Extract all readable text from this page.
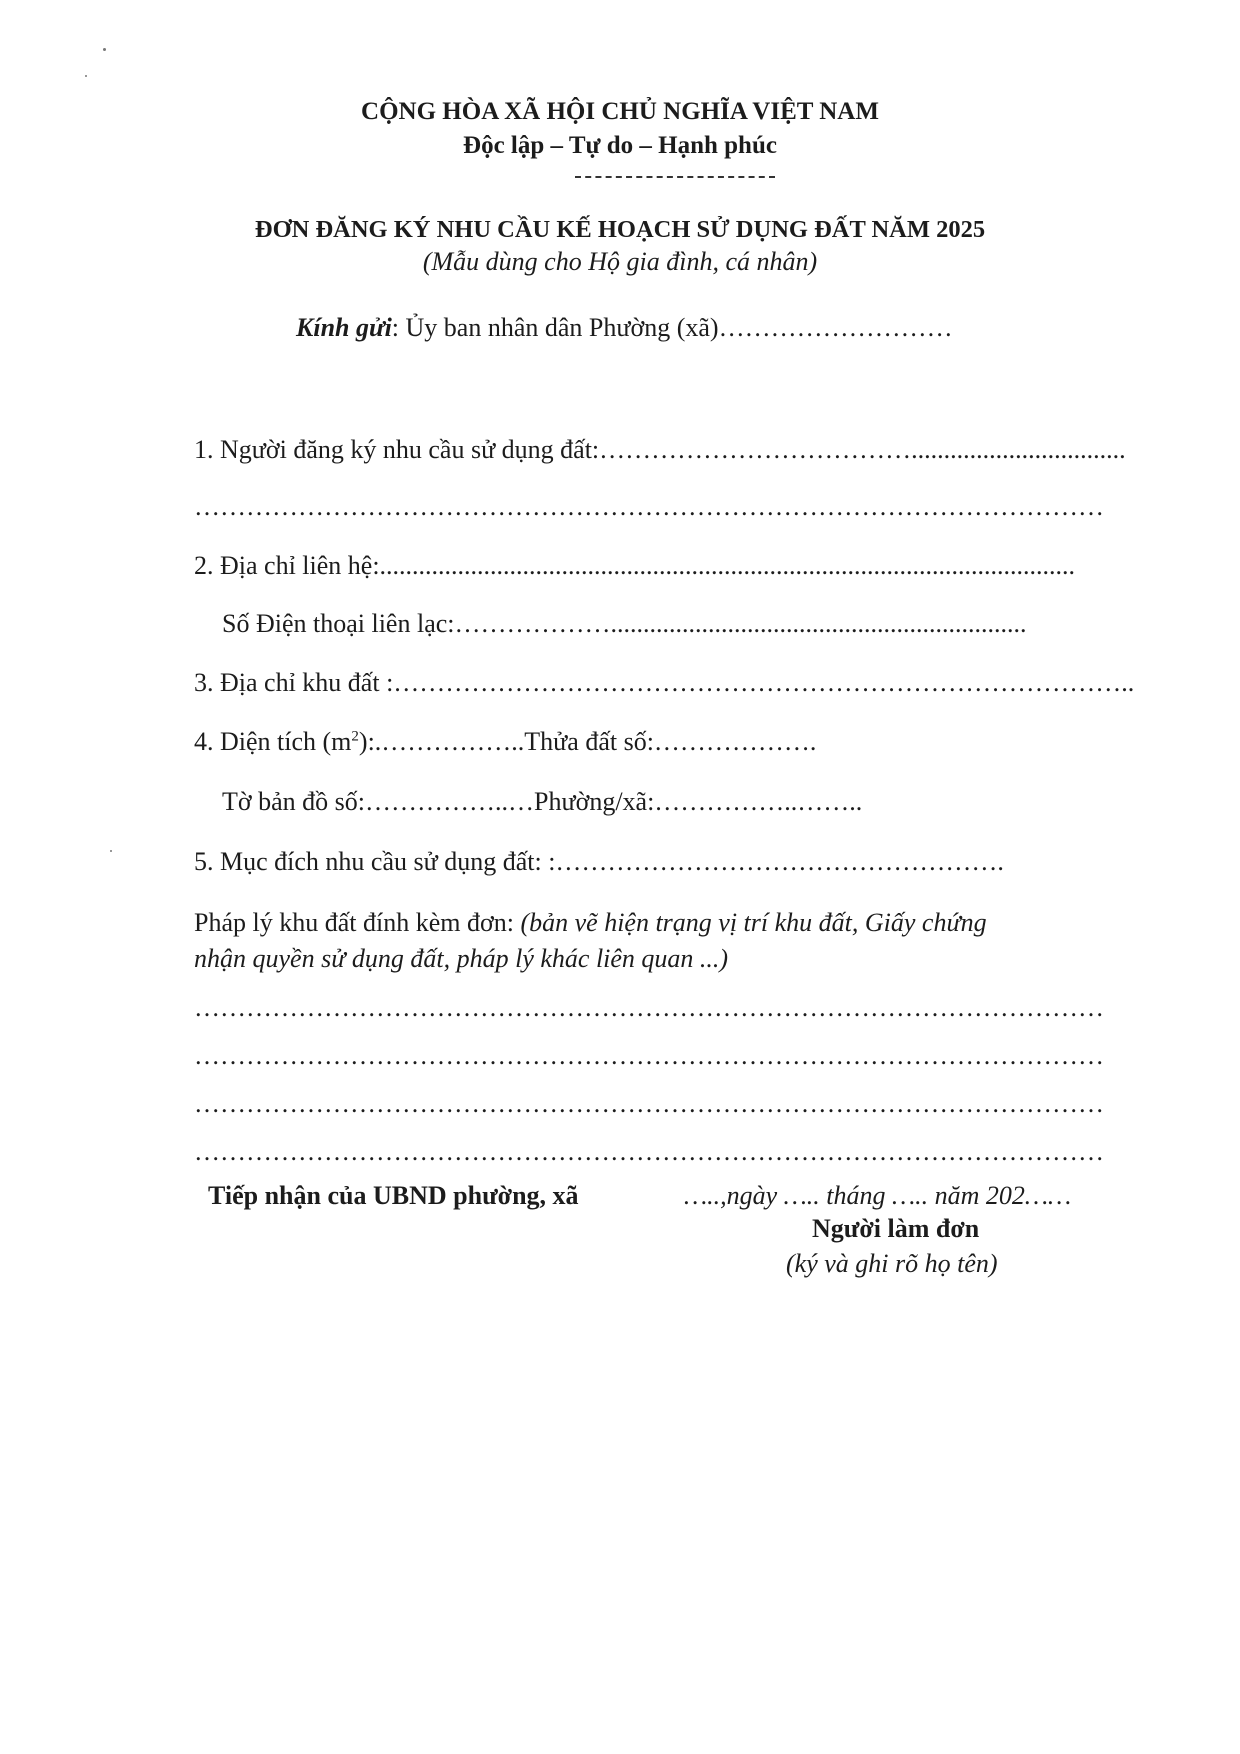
CỘNG HÒA XÃ HỘI CHỦ NGHĨA VIỆT NAM
Độc lập – Tự do – Hạnh phúc
ĐƠN ĐĂNG KÝ NHU CẦU KẾ HOẠCH SỬ DỤNG ĐẤT NĂM 2025
(Mẫu dùng cho Hộ gia đình, cá nhân)
Kính gửi: Ủy ban nhân dân Phường (xã)………………………
1. Người đăng ký nhu cầu sử dụng đất:……………………………….................................
……………………………………………………………………………………………
2. Địa chỉ liên hệ:...........................................................................................................
Số Điện thoại liên lạc:………………................................................................
3. Địa chỉ khu đất :…………………………………………………………………………..
4. Diện tích $(m^2):.\dots\dots\dots\dots\dots..Thửa$ đất số:……………….
Tờ bản đồ số:……………..…Phường/xã:……………..……..
5. Mục đích nhu cầu sử dụng đất: :…………………………………………….
Pháp lý khu đất đính kèm đơn: (bản vẽ hiện trạng vị trí khu đất, Giấy chứng
nhận quyền sử dụng đất, pháp lý khác liên quan ...)
……………………………………………………………………………………………
……………………………………………………………………………………………
……………………………………………………………………………………………
……………………………………………………………………………………………
Tiếp nhận của UBND phường, xã	…..,ngày ….. tháng ….. năm 202……
Người làm đơn
(ký và ghi rõ họ tên)
